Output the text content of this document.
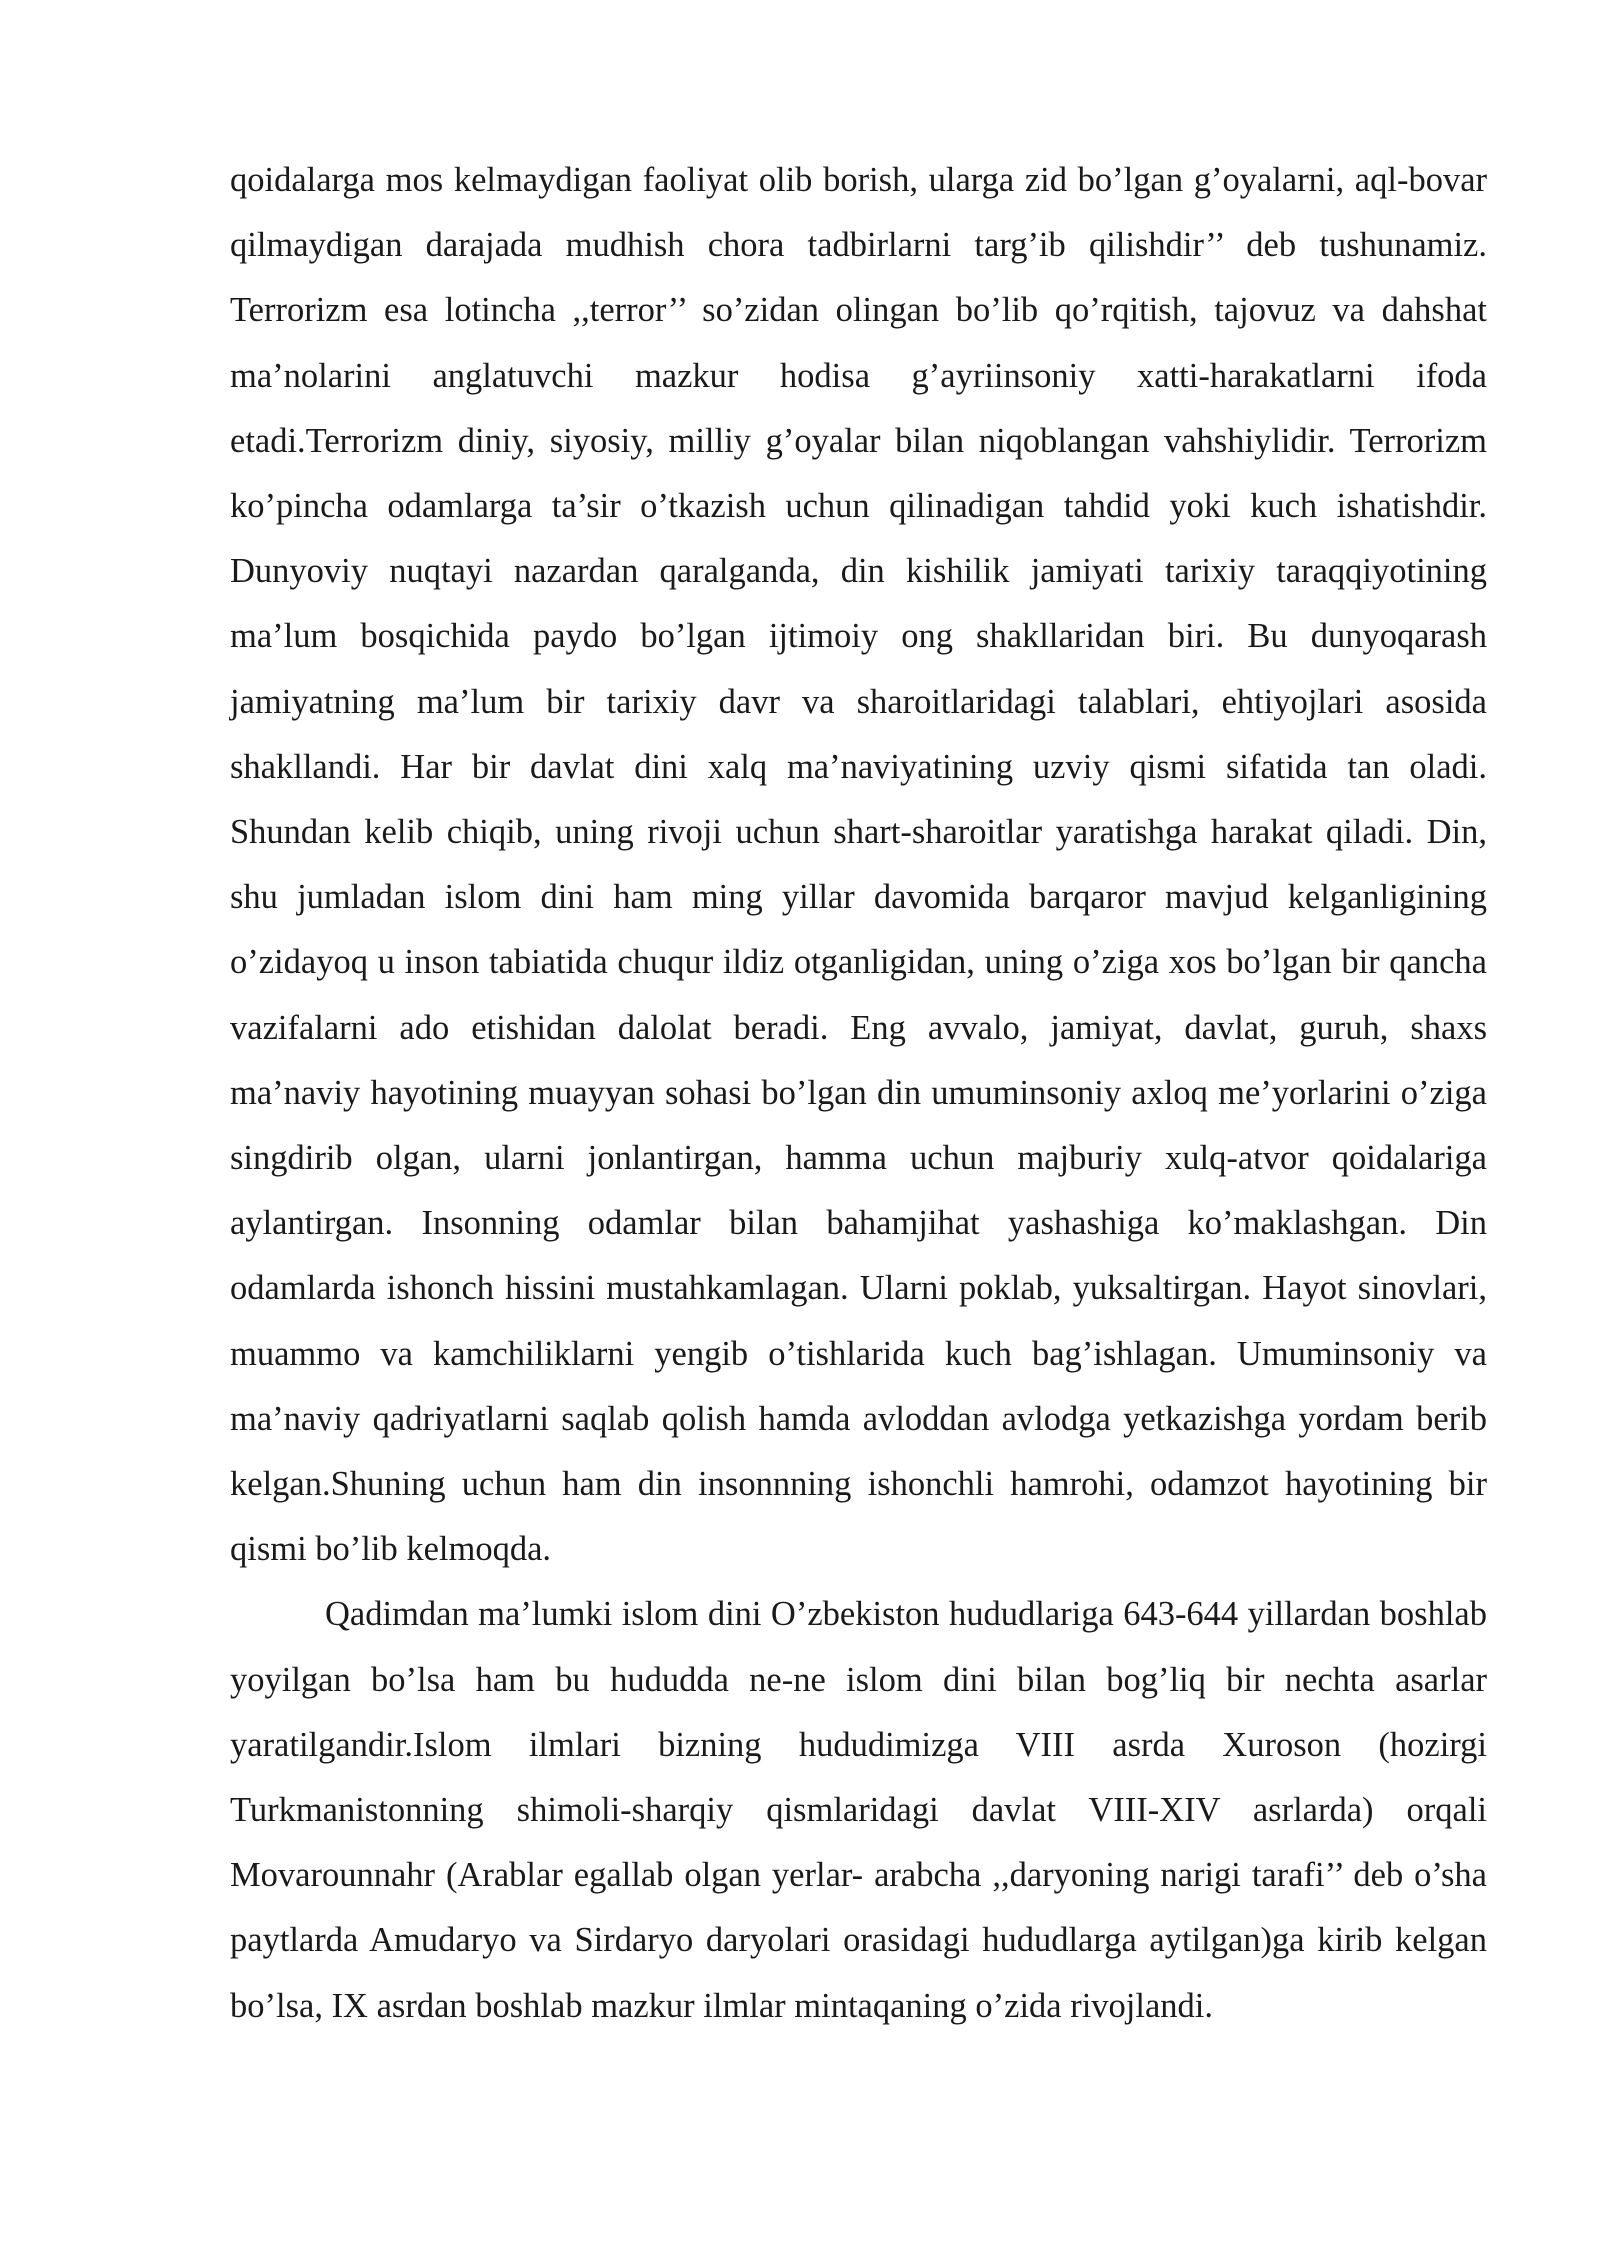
qoidalarga mos kelmaydigan faoliyat olib borish, ularga zid bo’lgan g’oyalarni, aql-bovar qilmaydigan darajada mudhish chora tadbirlarni targ’ib qilishdir’’ deb tushunamiz. Terrorizm esa lotincha ,,terror’’ so’zidan olingan bo’lib qo’rqitish, tajovuz va dahshat ma’nolarini anglatuvchi mazkur hodisa g’ayriinsoniy xatti-harakatlarni ifoda etadi.Terrorizm diniy, siyosiy, milliy g’oyalar bilan niqoblangan vahshiylidir. Terrorizm ko’pincha odamlarga ta’sir o’tkazish uchun qilinadigan tahdid yoki kuch ishatishdir. Dunyoviy nuqtayi nazardan qaralganda, din kishilik jamiyati tarixiy taraqqiyotining ma’lum bosqichida paydo bo’lgan ijtimoiy ong shakllaridan biri. Bu dunyoqarash jamiyatning ma’lum bir tarixiy davr va sharoitlaridagi talablari, ehtiyojlari asosida shakllandi. Har bir davlat dini xalq ma’naviyatining uzviy qismi sifatida tan oladi. Shundan kelib chiqib, uning rivoji uchun shart-sharoitlar yaratishga harakat qiladi. Din, shu jumladan islom dini ham ming yillar davomida barqaror mavjud kelganligining o’zidayoq u inson tabiatida chuqur ildiz otganligidan, uning o’ziga xos bo’lgan bir qancha vazifalarni ado etishidan dalolat beradi. Eng avvalo, jamiyat, davlat, guruh, shaxs ma’naviy hayotining muayyan sohasi bo’lgan din umuminsoniy axloq me’yorlarini o’ziga singdirib olgan, ularni jonlantirgan, hamma uchun majburiy xulq-atvor qoidalariga aylantirgan. Insonning odamlar bilan bahamjihat yashashiga ko’maklashgan. Din odamlarda ishonch hissini mustahkamlagan. Ularni poklab, yuksaltirgan. Hayot sinovlari, muammo va kamchiliklarni yengib o’tishlarida kuch bag’ishlagan. Umuminsoniy va ma’naviy qadriyatlarni saqlab qolish hamda avloddan avlodga yetkazishga yordam berib kelgan.Shuning uchun ham din insonnning ishonchli hamrohi, odamzot hayotining bir qismi bo’lib kelmoqda.

Qadimdan ma’lumki islom dini O’zbekiston hududlariga 643-644 yillardan boshlab yoyilgan bo’lsa ham bu hududda ne-ne islom dini bilan bog’liq bir nechta asarlar yaratilgandir.Islom ilmlari bizning hududimizga VIII asrda Xuroson (hozirgi Turkmanistonning shimoli-sharqiy qismlaridagi davlat VIII-XIV asrlarda) orqali Movarounnahr (Arablar egallab olgan yerlar- arabcha ,,daryoning narigi tarafi’’ deb o’sha paytlarda Amudaryo va Sirdaryo daryolari orasidagi hududlarga aytilgan)ga kirib kelgan bo’lsa, IX asrdan boshlab mazkur ilmlar mintaqaning o’zida rivojlandi.
